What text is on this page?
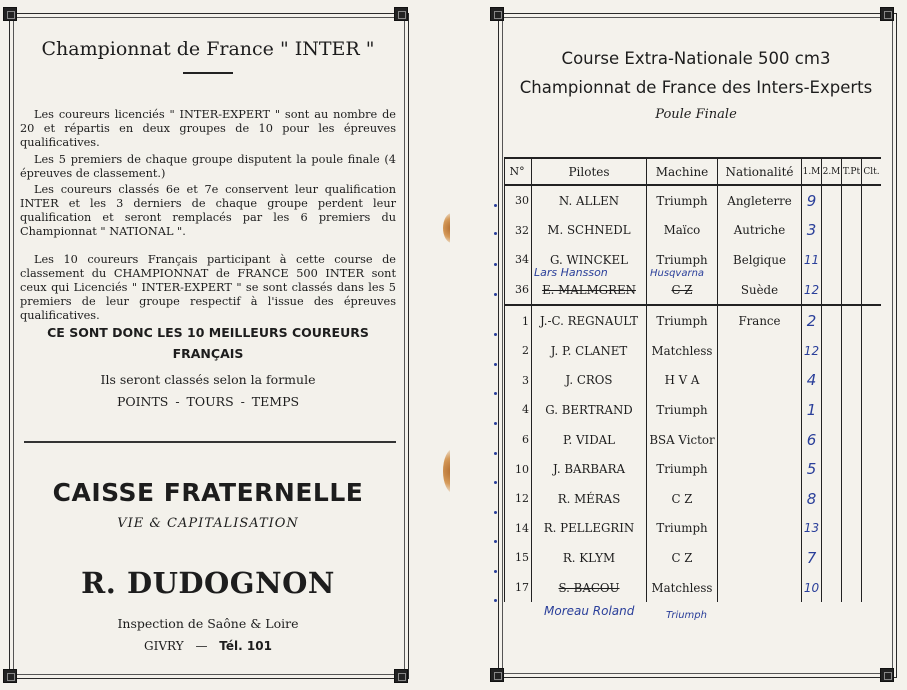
Championnat de France " INTER "
Les coureurs licenciés " INTER-EXPERT " sont au nombre de 20 et répartis en deux groupes de 10 pour les épreuves qualificatives.
Les 5 premiers de chaque groupe disputent la poule finale (4 épreuves de classement.)
Les coureurs classés 6e et 7e conservent leur qualification INTER et les 3 derniers de chaque groupe perdent leur qualification et seront remplacés par les 6 premiers du Championnat " NATIONAL ".
Les 10 coureurs Français participant à cette course de classement du CHAMPIONNAT de FRANCE 500 INTER sont ceux qui Licenciés " INTER-EXPERT " se sont classés dans les 5 premiers de leur groupe respectif à l'issue des épreuves qualificatives.
CE SONT DONC LES 10 MEILLEURS COUREURS
FRANÇAIS
Ils seront classés selon la formule
POINTS - TOURS - TEMPS
CAISSE FRATERNELLE
VIE & CAPITALISATION
R. DUDOGNON
Inspection de Saône & Loire
GIVRY — Tél. 101
Course Extra-Nationale 500 cm3
Championnat de France des Inters-Experts
Poule Finale
N°	Pilotes	Machine	Nationalité	1.M	2.M	T.Pt	Clt.
30	N. ALLEN	Triumph	Angleterre	9			
32	M. SCHNEDL	Maïco	Autriche	3			
34	G. WINCKEL	Triumph	Belgique	11			
36	E. MALMGREN	C Z	Suède	12			
1	J.-C. REGNAULT	Triumph	France	2			
2	J. P. CLANET	Matchless		12			
3	J. CROS	H V A		4			
4	G. BERTRAND	Triumph		1			
6	P. VIDAL	BSA Victor		6			
10	J. BARBARA	Triumph		5			
12	R. MÉRAS	C Z		8			
14	R. PELLEGRIN	Triumph		13			
15	R. KLYM	C Z		7			
17	S. BACOU	Matchless		10			
Lars Hansson	Husqvarna
Moreau Roland	Triumph
